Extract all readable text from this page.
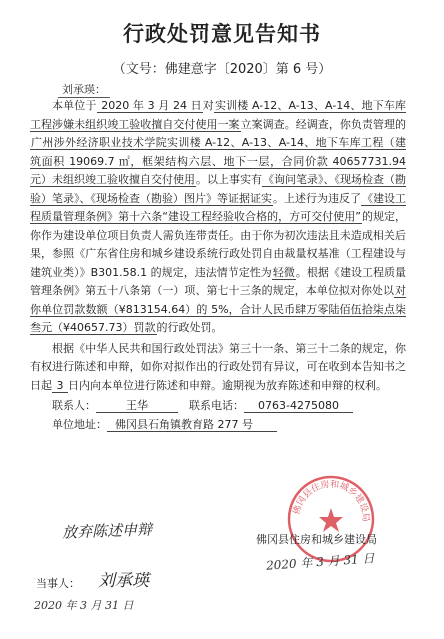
行政处罚意见告知书
（文号：佛建意字〔2020〕第 6 号）
刘承瑛：

本单位于 2020 年 3 月 24 日对实训楼 A-12、A-13、A-14、地下车库工程涉嫌未组织竣工验收擅自交付使用一案立案调查。经调查，你负责管理的广州涉外经济职业技术学院实训楼 A-12、A-13、A-14、地下车库工程（建筑面积 19069.7 ㎡，框架结构六层、地下一层，合同价款 40657731.94 元）未组织竣工验收擅自交付使用。以上事实有《询问笔录》、《现场检查（勘验）笔录》、《现场检查（勘验）图片》等证据证实。上述行为违反了《建设工程质量管理条例》第十六条“建设工程经验收合格的，方可交付使用”的规定，你作为建设单位项目负责人需负连带责任。由于你为初次违法且未造成相关后果，参照《广东省住房和城乡建设系统行政处罚自由裁量权基准（工程建设与建筑业类）》B301.58.1 的规定，违法情节定性为轻微。根据《建设工程质量管理条例》第五十八条第（一）项、第七十三条的规定，本单位拟对你处以对你单位罚款数额（¥813154.64）的 5%，合计人民币肆万零陆佰伍拾柒点柒叁元（¥40657.73）罚款的行政处罚。

根据《中华人民共和国行政处罚法》第三十一条、第三十二条的规定，你有权进行陈述和申辩，如你对拟作出的行政处罚有异议，可在收到本告知书之日起 3 日内向本单位进行陈述和申辩。逾期视为放弃陈述和申辩的权利。

联系人：	王华　	联系电话： 0763-4275080

单位地址： 佛冈县石角镇教育路 277 号

佛冈县住房和城乡建设局
放弃陈述申辩	佛冈县住房和城乡建设局
2020 年 3 月 31 日
当事人： 刘承瑛
2020 年 3 月 31 日
